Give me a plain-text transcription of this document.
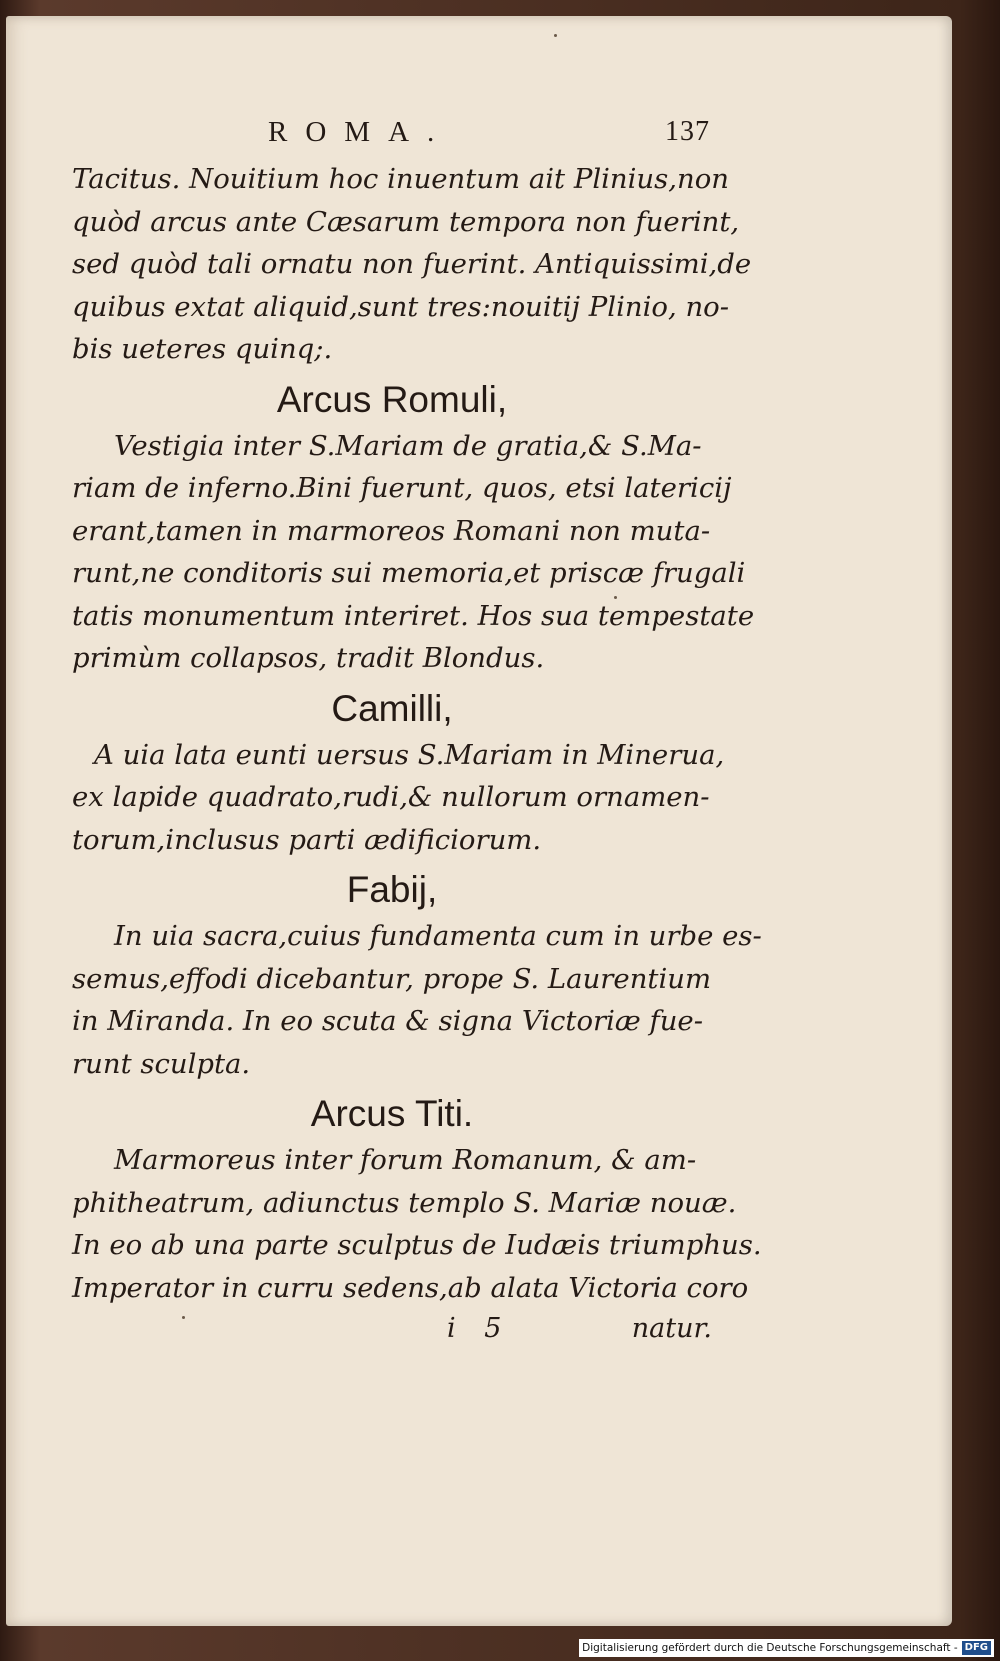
ROMA.	137
Tacitus. Nouitium hoc inuentum ait Plinius,non
quòd arcus ante Cæsarum tempora non fuerint,
sed quòd tali ornatu non fuerint. Antiquissimi,de
quibus extat aliquid,sunt tres:nouitij Plinio, no-
bis ueteres quinq;.
Arcus Romuli,
Vestigia inter S.Mariam de gratia,& S.Ma-
riam de inferno.Bini fuerunt, quos, etsi latericij
erant,tamen in marmoreos Romani non muta-
runt,ne conditoris sui memoria,et priscæ frugali
tatis monumentum interiret. Hos sua tempestate
primùm collapsos, tradit Blondus.
Camilli,
A uia lata eunti uersus S.Mariam in Minerua,
ex lapide quadrato,rudi,& nullorum ornamen-
torum,inclusus parti ædificiorum.
Fabij,
In uia sacra,cuius fundamenta cum in urbe es-
semus,effodi dicebantur, prope S. Laurentium
in Miranda. In eo scuta & signa Victoriæ fue-
runt sculpta.
Arcus Titi.
Marmoreus inter forum Romanum, & am-
phitheatrum, adiunctus templo S. Mariæ nouæ.
In eo ab una parte sculptus de Iudæis triumphus.
Imperator in curru sedens,ab alata Victoria coro
i 5	natur.
Digitalisierung gefördert durch die Deutsche Forschungsgemeinschaft - DFG
